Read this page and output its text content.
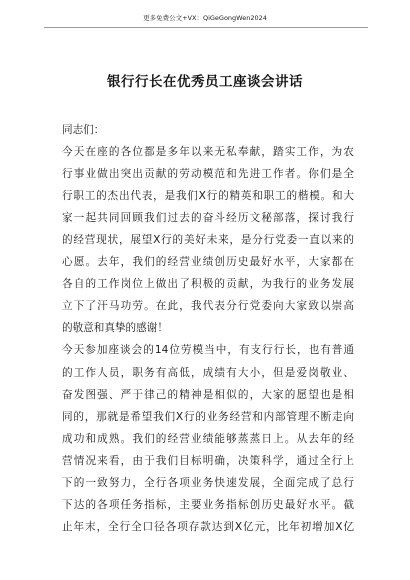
更多免费公文+VX：QiGeGongWen2024
银行行长在优秀员工座谈会讲话
同志们：
今天在座的各位都是多年以来无私奉献，踏实工作，为农
行事业做出突出贡献的劳动模范和先进工作者。你们是全
行职工的杰出代表，是我们X行的精英和职工的楷模。和大
家一起共同回顾我们过去的奋斗经历文秘部落，探讨我行
的经营现状，展望X行的美好未来，是分行党委一直以来的
心愿。去年，我们的经营业绩创历史最好水平，大家都在
各自的工作岗位上做出了积极的贡献，为我行的业务发展
立下了汗马功劳。在此，我代表分行党委向大家致以崇高
的敬意和真挚的感谢！
今天参加座谈会的14位劳模当中，有支行行长，也有普通
的工作人员，职务有高低，成绩有大小，但是爱岗敬业、
奋发图强、严于律己的精神是相似的，大家的愿望也是相
同的，那就是希望我们X行的业务经营和内部管理不断走向
成功和成熟。我们的经营业绩能够蒸蒸日上。从去年的经
营情况来看，由于我们目标明确，决策科学，通过全行上
下的一致努力，全行各项业务快速发展，全面完成了总行
下达的各项任务指标，主要业务指标创历史最好水平。截
止年末，全行全口径各项存款达到X亿元，比年初增加X亿
